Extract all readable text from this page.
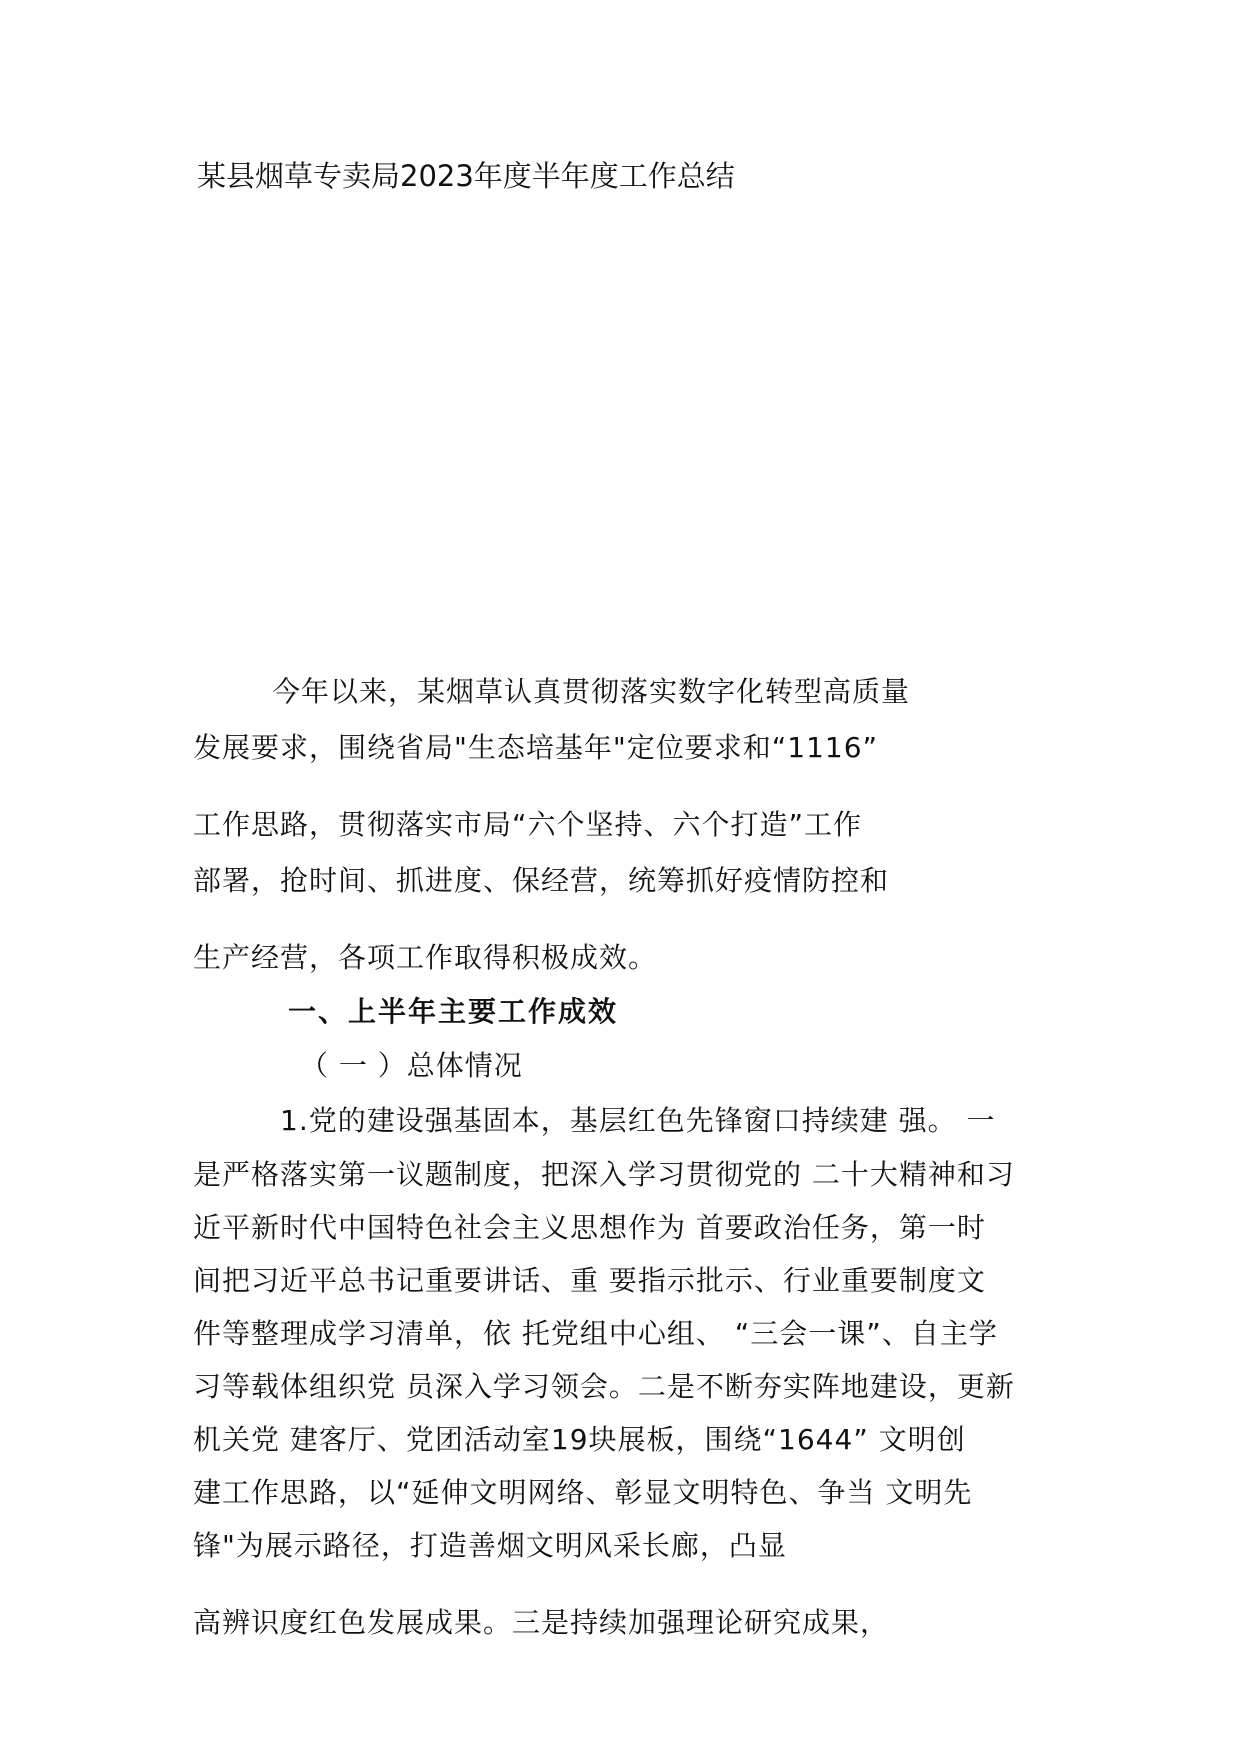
某县烟草专卖局2023年度半年度工作总结
今年以来，某烟草认真贯彻落实数字化转型高质量
发展要求，围绕省局"生态培基年"定位要求和“1116”
工作思路，贯彻落实市局“六个坚持、六个打造”工作
部署，抢时间、抓进度、保经营，统筹抓好疫情防控和
生产经营，各项工作取得积极成效。
一、上半年主要工作成效
（ 一 ）总体情况
1.党的建设强基固本，基层红色先锋窗口持续建 强。 一
是严格落实第一议题制度，把深入学习贯彻党的 二十大精神和习
近平新时代中国特色社会主义思想作为 首要政治任务，第一时
间把习近平总书记重要讲话、重 要指示批示、行业重要制度文
件等整理成学习清单，依 托党组中心组、 “三会一课”、自主学
习等载体组织党 员深入学习领会。二是不断夯实阵地建设，更新
机关党 建客厅、党团活动室19块展板，围绕“1644” 文明创
建工作思路，以“延伸文明网络、彰显文明特色、争当 文明先
锋"为展示路径，打造善烟文明风采长廊，凸显
高辨识度红色发展成果。三是持续加强理论研究成果，
